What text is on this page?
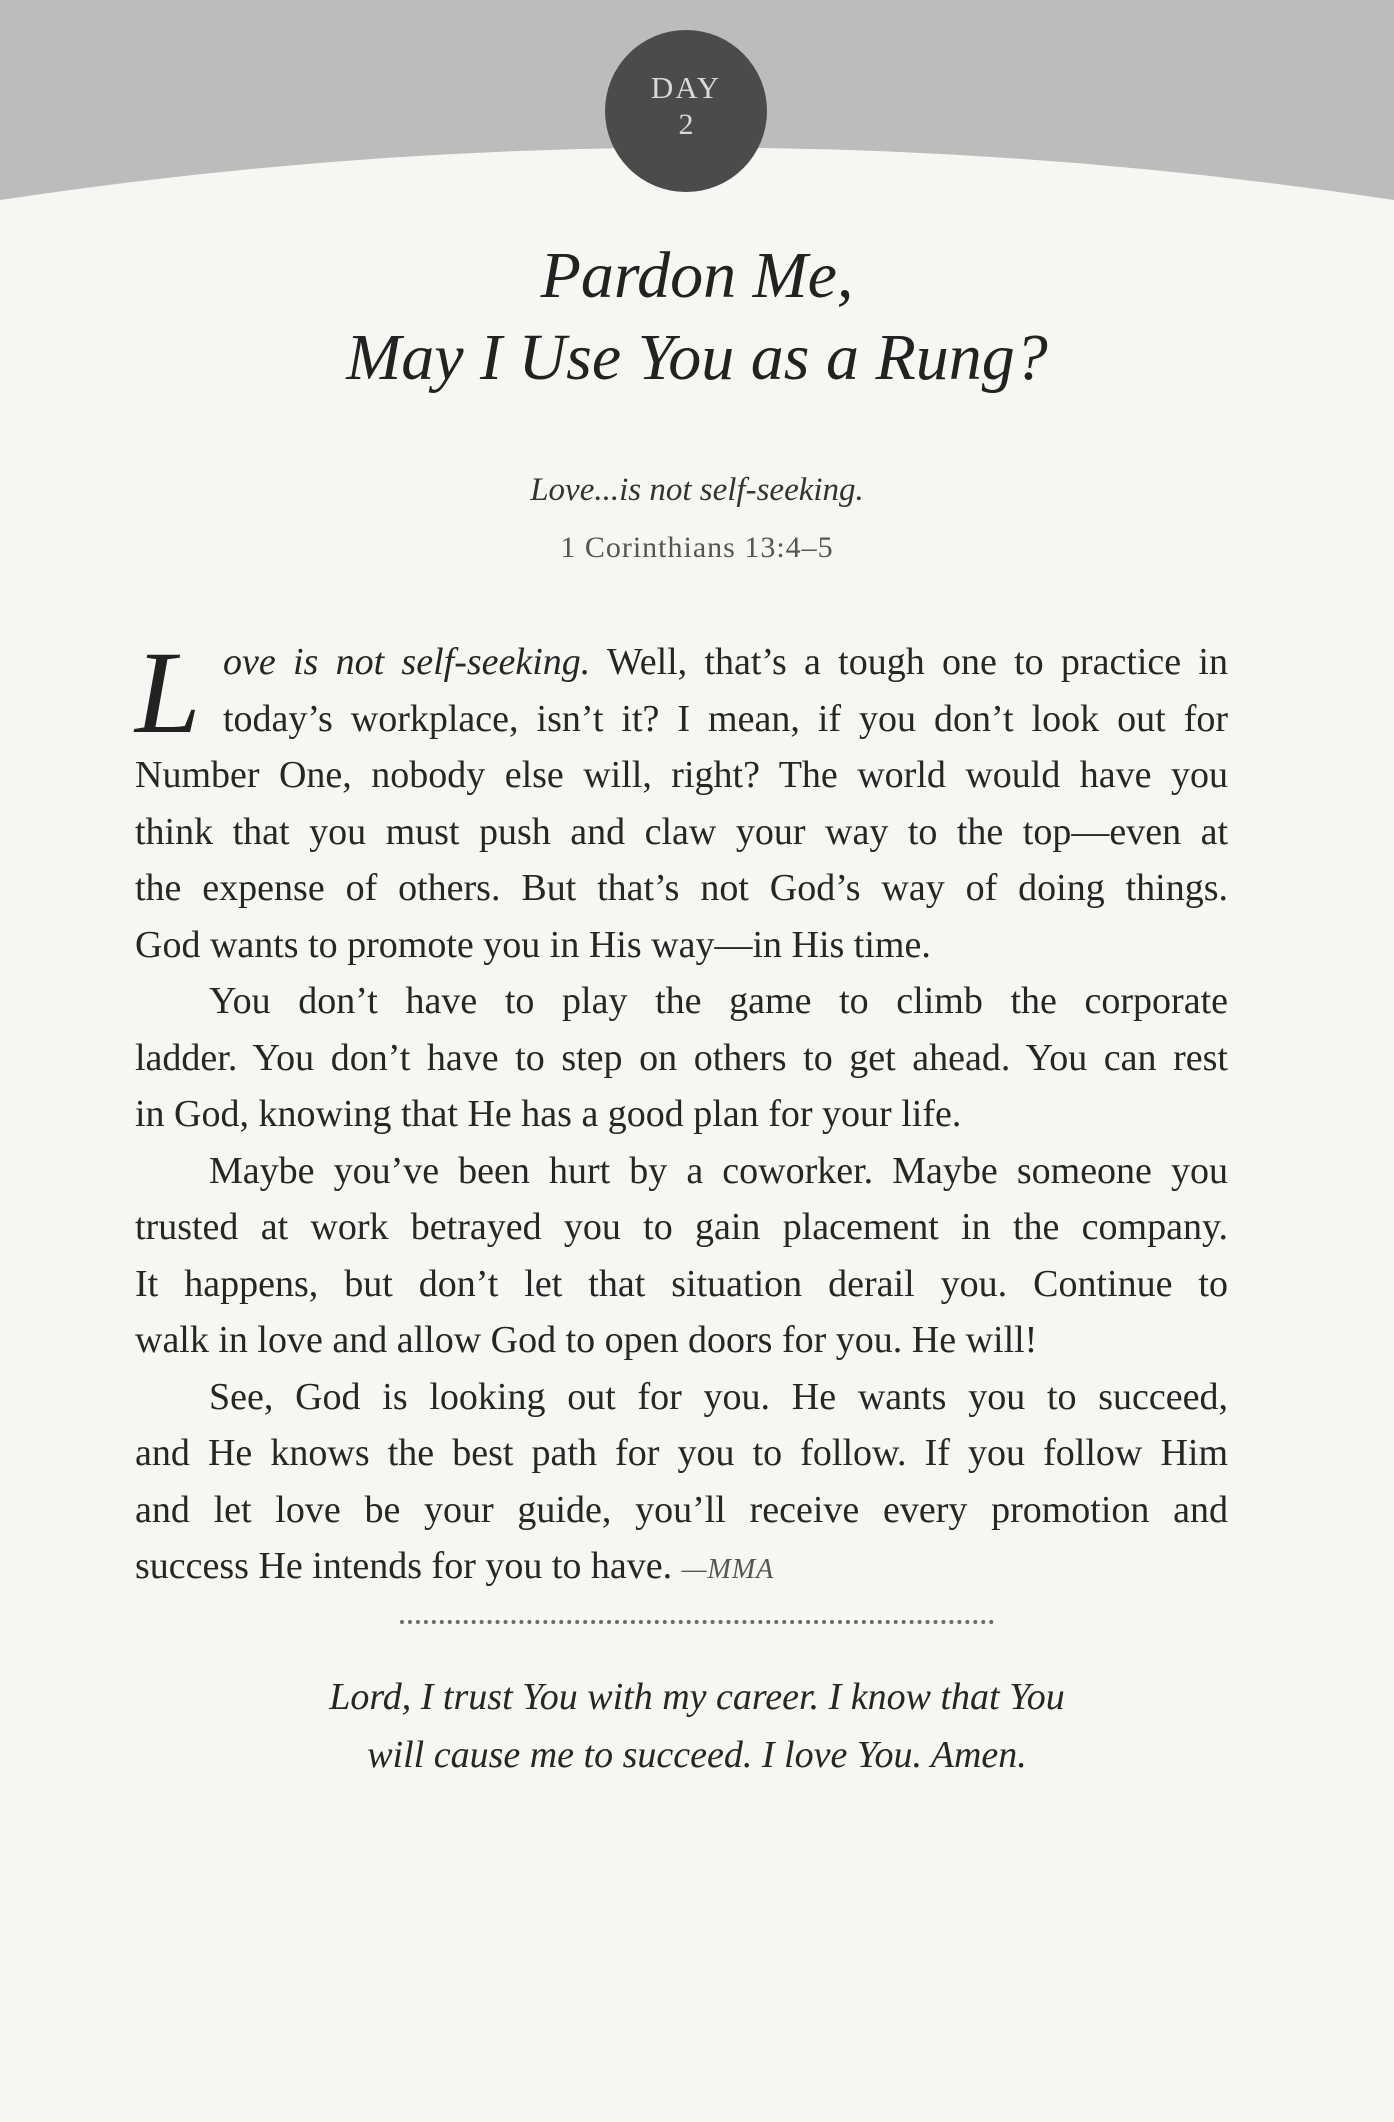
DAY
2
Pardon Me,
May I Use You as a Rung?
Love...is not self-seeking.
1 Corinthians 13:4–5
L ove is not self-seeking. Well, that’s a tough one to practice in
today’s workplace, isn’t it? I mean, if you don’t look out for
Number One, nobody else will, right? The world would have you
think that you must push and claw your way to the top—even at
the expense of others. But that’s not God’s way of doing things.
God wants to promote you in His way—in His time.
You don’t have to play the game to climb the corporate
ladder. You don’t have to step on others to get ahead. You can rest
in God, knowing that He has a good plan for your life.
Maybe you’ve been hurt by a coworker. Maybe someone you
trusted at work betrayed you to gain placement in the company.
It happens, but don’t let that situation derail you. Continue to
walk in love and allow God to open doors for you. He will!
See, God is looking out for you. He wants you to succeed,
and He knows the best path for you to follow. If you follow Him
and let love be your guide, you’ll receive every promotion and
success He intends for you to have. —MMA
Lord, I trust You with my career. I know that You
will cause me to succeed. I love You. Amen.
